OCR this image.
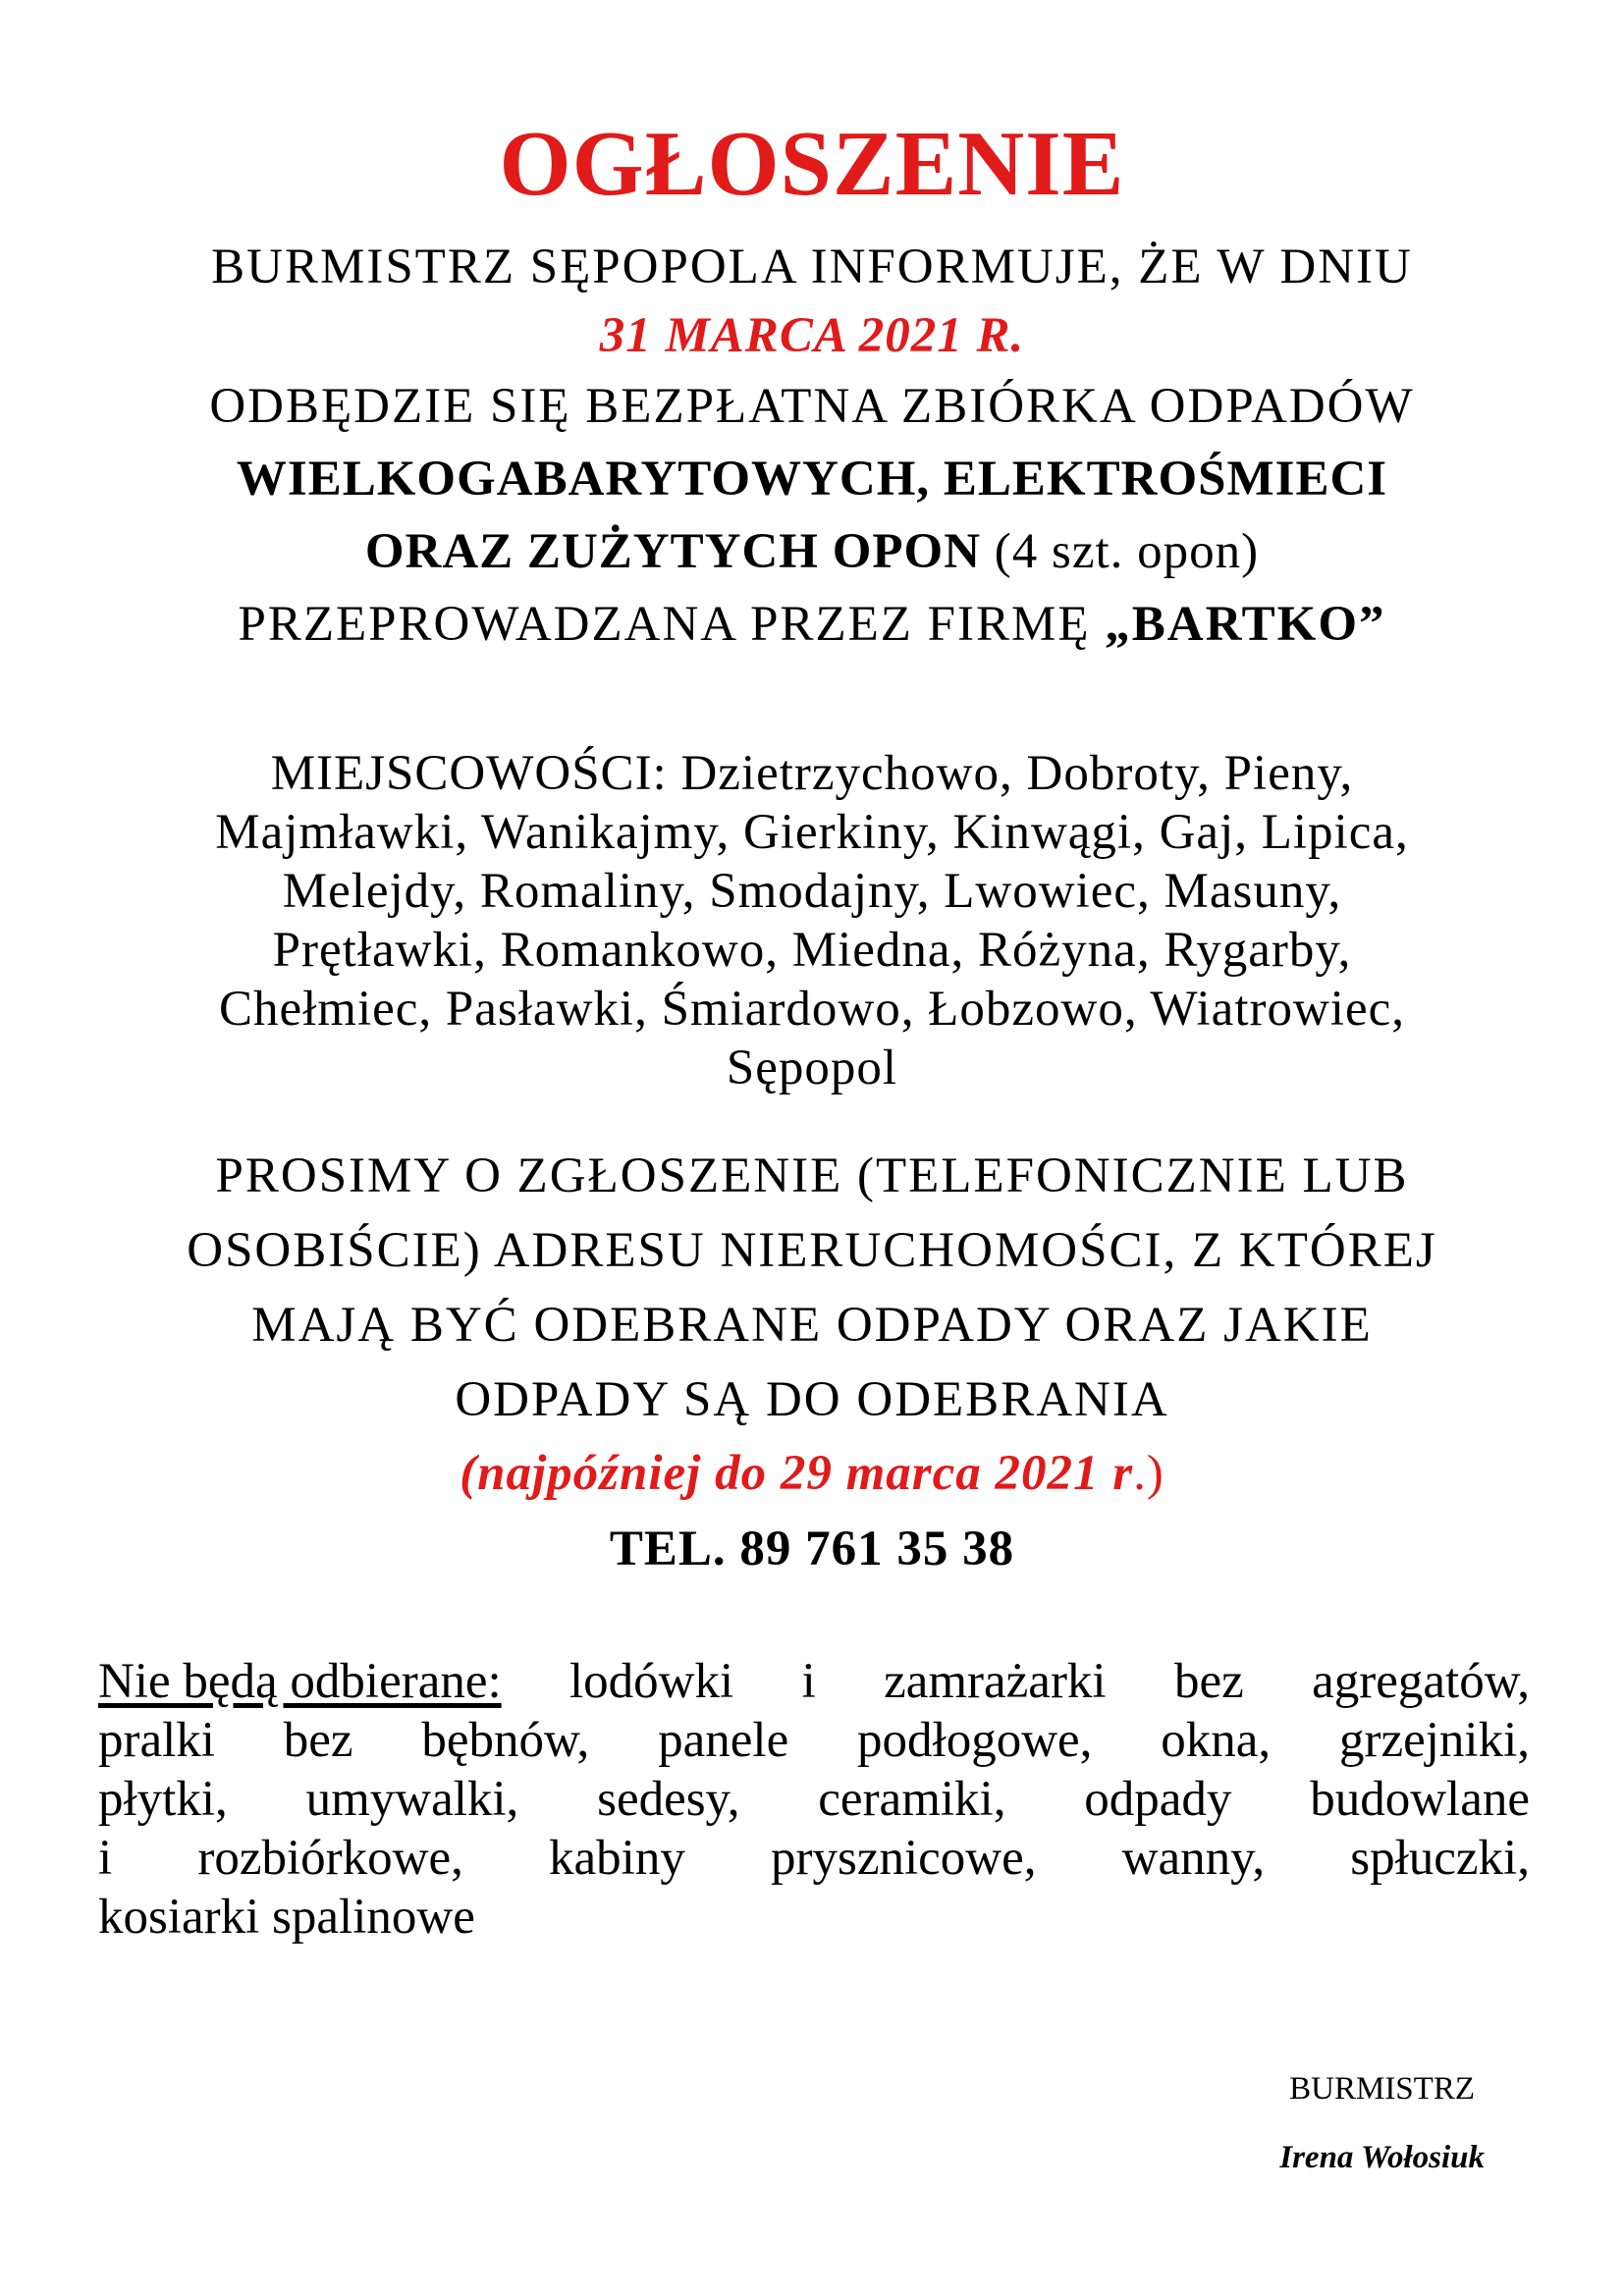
OGŁOSZENIE
BURMISTRZ SĘPOPOLA INFORMUJE, ŻE W DNIU
31 MARCA 2021 R.
ODBĘDZIE SIĘ BEZPŁATNA ZBIÓRKA ODPADÓW
WIELKOGABARYTOWYCH, ELEKTROŚMIECI
ORAZ ZUŻYTYCH OPON (4 szt. opon)
PRZEPROWADZANA PRZEZ FIRMĘ „BARTKO”
MIEJSCOWOŚCI: Dzietrzychowo, Dobroty, Pieny,
Majmławki, Wanikajmy, Gierkiny, Kinwągi, Gaj, Lipica,
Melejdy, Romaliny, Smodajny, Lwowiec, Masuny,
Prętławki, Romankowo, Miedna, Różyna, Rygarby,
Chełmiec, Pasławki, Śmiardowo, Łobzowo, Wiatrowiec,
Sępopol
PROSIMY O ZGŁOSZENIE (TELEFONICZNIE LUB
OSOBIŚCIE) ADRESU NIERUCHOMOŚCI, Z KTÓREJ
MAJĄ BYĆ ODEBRANE ODPADY ORAZ JAKIE
ODPADY SĄ DO ODEBRANIA
(najpóźniej do 29 marca 2021 r.)
TEL. 89 761 35 38
Nie będą odbierane: lodówki i zamrażarki bez agregatów,
pralki bez bębnów, panele podłogowe, okna, grzejniki,
płytki, umywalki, sedesy, ceramiki, odpady budowlane
i rozbiórkowe, kabiny prysznicowe, wanny, spłuczki,
kosiarki spalinowe
BURMISTRZ
Irena Wołosiuk
